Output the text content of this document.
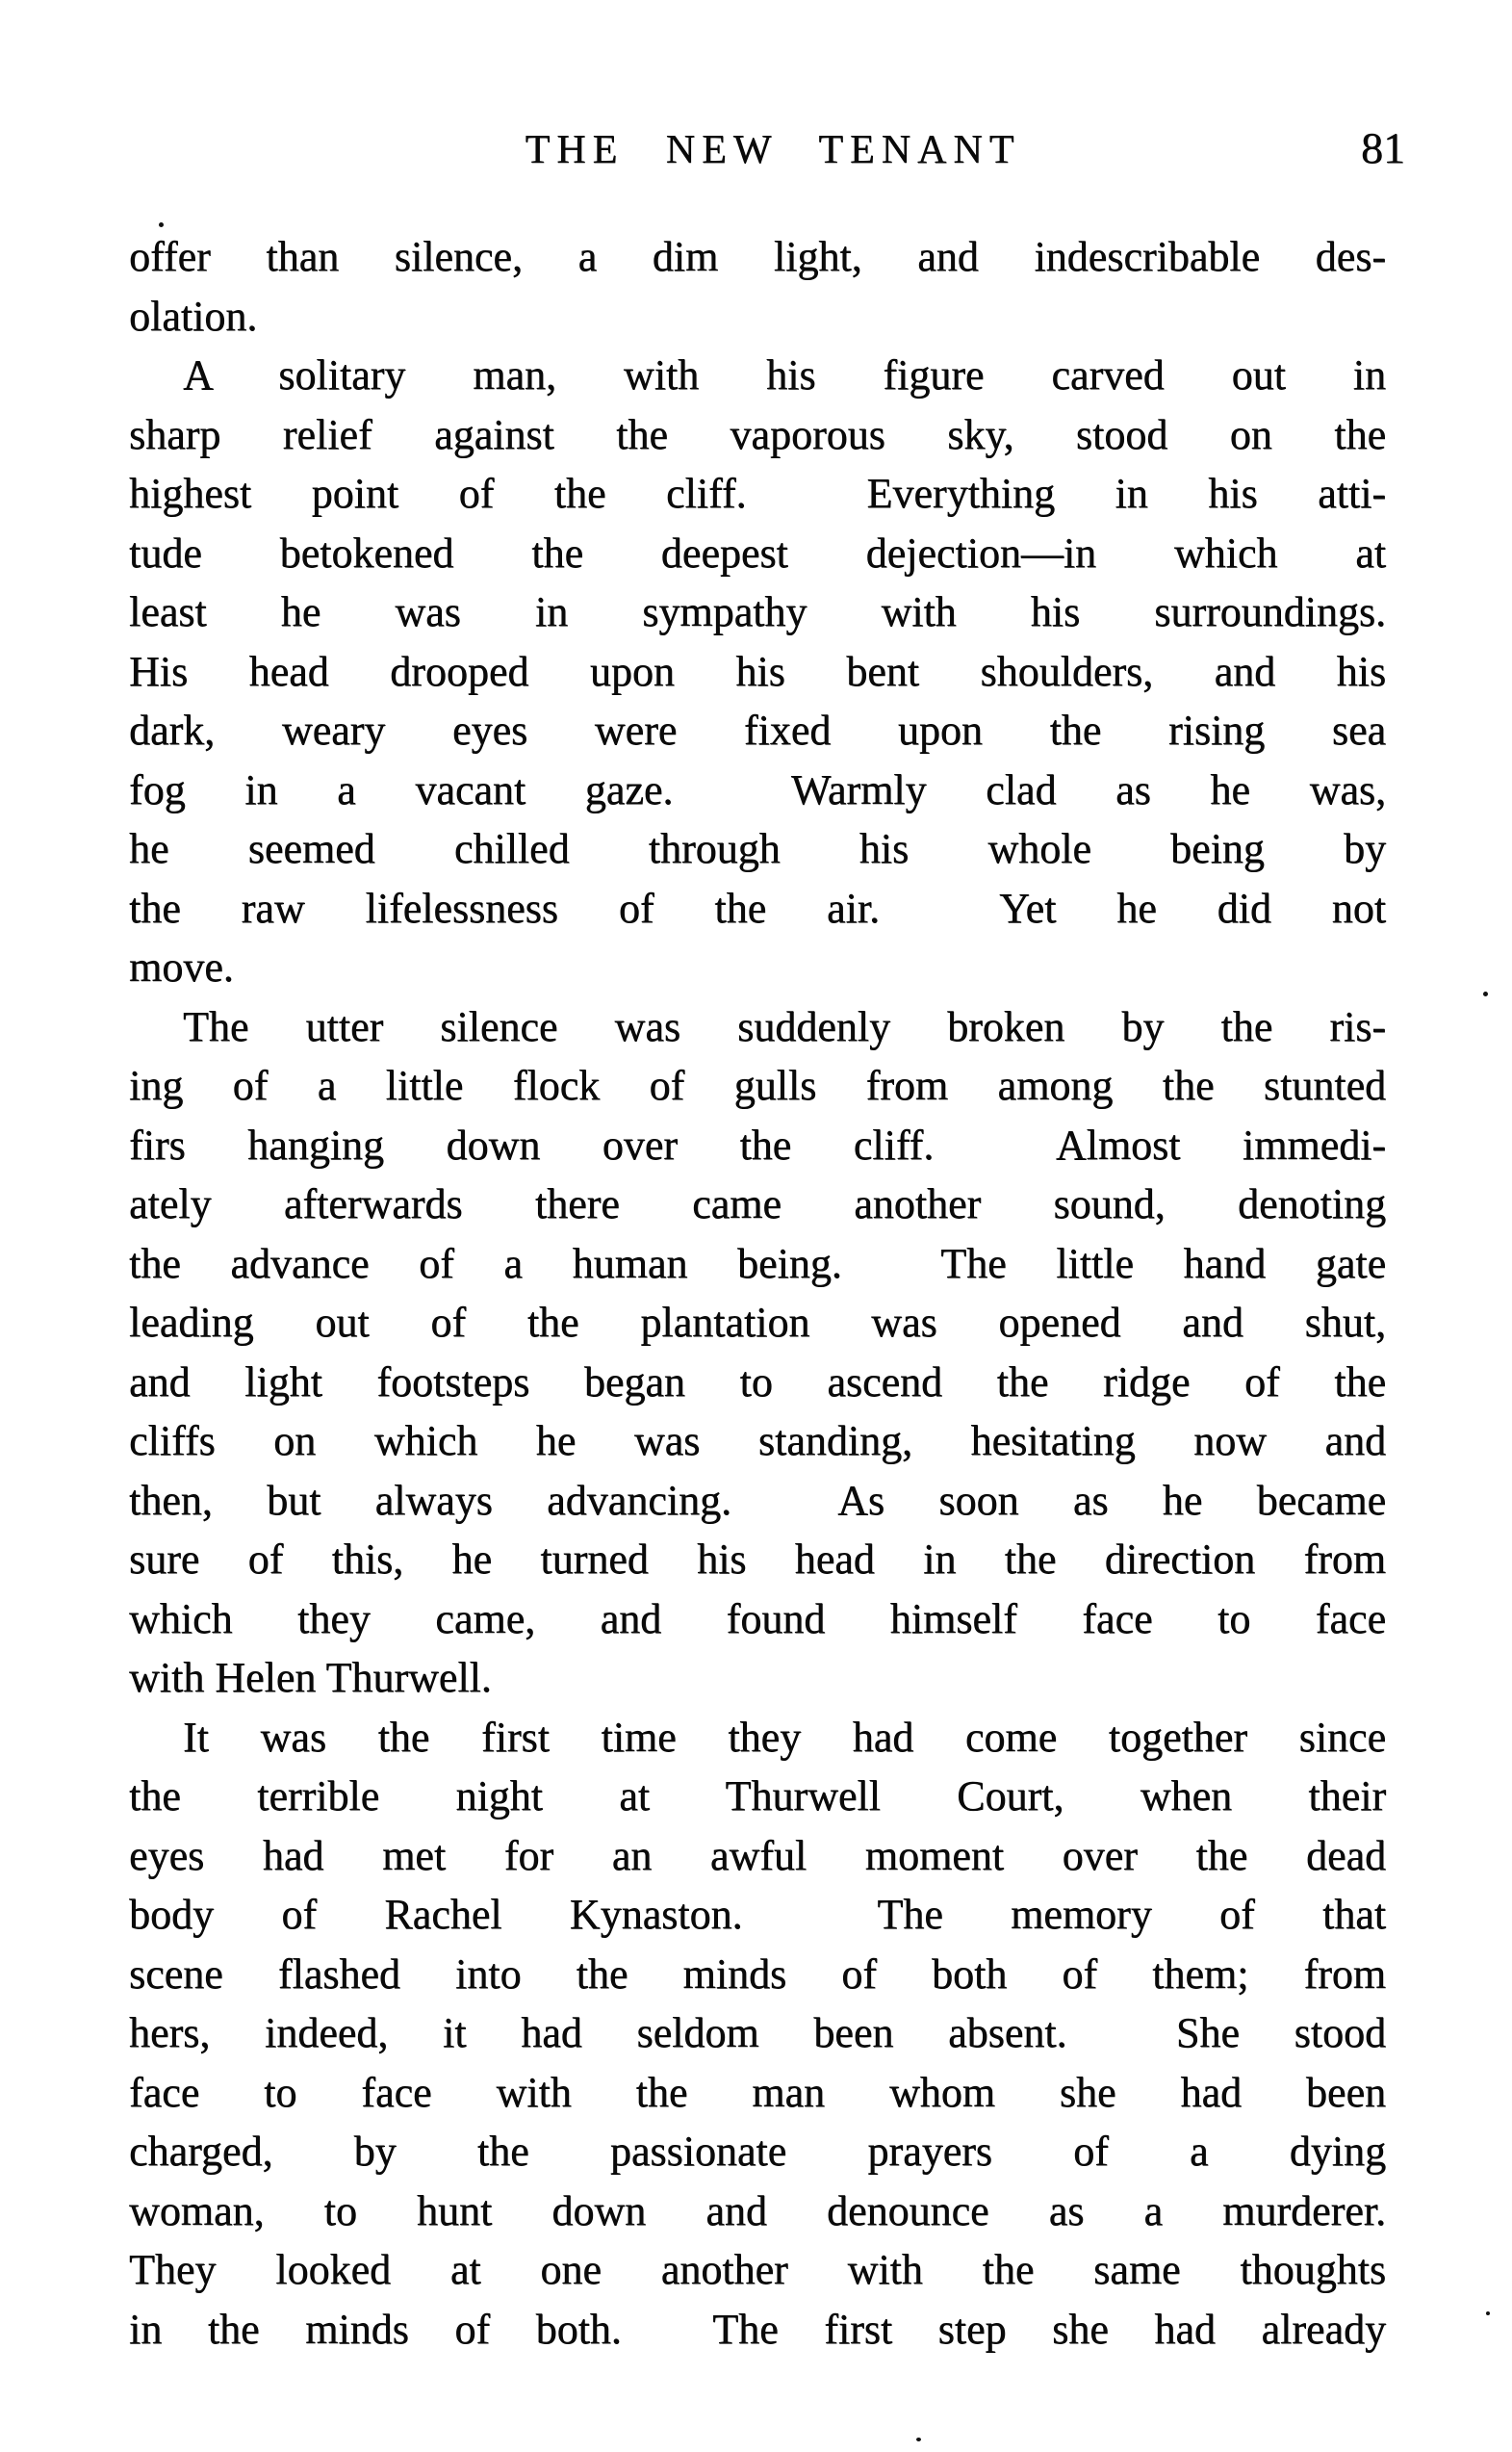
THE NEW TENANT	81
offer than silence, a dim light, and indescribable des-
olation.
A solitary man, with his figure carved out in
sharp relief against the vaporous sky, stood on the
highest point of the cliff.  Everything in his atti-
tude betokened the deepest dejection—in which at
least he was in sympathy with his surroundings.
His head drooped upon his bent shoulders, and his
dark, weary eyes were fixed upon the rising sea
fog in a vacant gaze.  Warmly clad as he was,
he seemed chilled through his whole being by
the raw lifelessness of the air.  Yet he did not
move.
The utter silence was suddenly broken by the ris-
ing of a little flock of gulls from among the stunted
firs hanging down over the cliff.  Almost immedi-
ately afterwards there came another sound, denoting
the advance of a human being.  The little hand gate
leading out of the plantation was opened and shut,
and light footsteps began to ascend the ridge of the
cliffs on which he was standing, hesitating now and
then, but always advancing.  As soon as he became
sure of this, he turned his head in the direction from
which they came, and found himself face to face
with Helen Thurwell.
It was the first time they had come together since
the terrible night at Thurwell Court, when their
eyes had met for an awful moment over the dead
body of Rachel Kynaston.  The memory of that
scene flashed into the minds of both of them; from
hers, indeed, it had seldom been absent.  She stood
face to face with the man whom she had been
charged, by the passionate prayers of a dying
woman, to hunt down and denounce as a murderer.
They looked at one another with the same thoughts
in the minds of both.  The first step she had already
